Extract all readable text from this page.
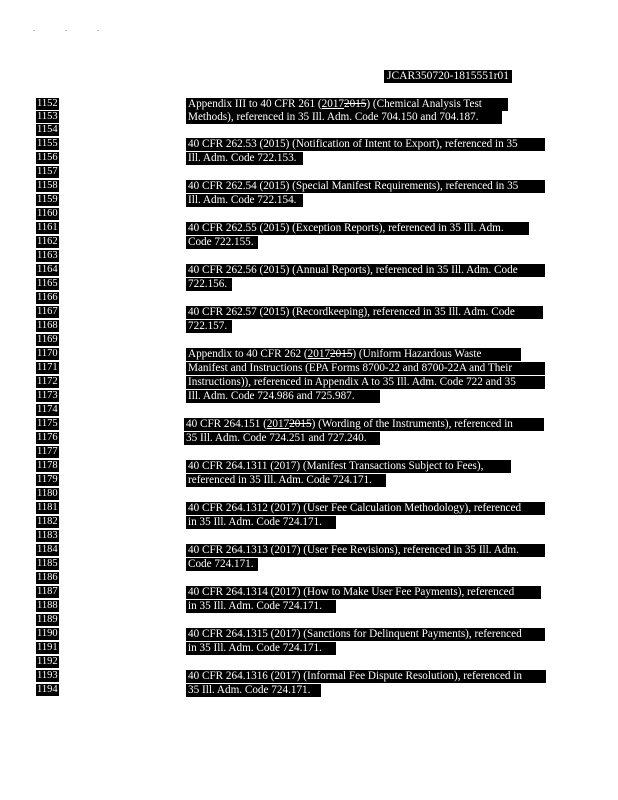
. . .
JCAR350720-1815551r01
1152
1153
1154
1155
1156
1157
1158
1159
1160
1161
1162
1163
1164
1165
1166
1167
1168
1169
1170
1171
1172
1173
1174
1175
1176
1177
1178
1179
1180
1181
1182
1183
1184
1185
1186
1187
1188
1189
1190
1191
1192
1193
1194
Appendix III to 40 CFR 261 (20172015) (Chemical Analysis Test
Methods), referenced in 35 Ill. Adm. Code 704.150 and 704.187.
40 CFR 262.53 (2015) (Notification of Intent to Export), referenced in 35
Ill. Adm. Code 722.153.
40 CFR 262.54 (2015) (Special Manifest Requirements), referenced in 35
Ill. Adm. Code 722.154.
40 CFR 262.55 (2015) (Exception Reports), referenced in 35 Ill. Adm.
Code 722.155.
40 CFR 262.56 (2015) (Annual Reports), referenced in 35 Ill. Adm. Code
722.156.
40 CFR 262.57 (2015) (Recordkeeping), referenced in 35 Ill. Adm. Code
722.157.
Appendix to 40 CFR 262 (20172015) (Uniform Hazardous Waste
Manifest and Instructions (EPA Forms 8700-22 and 8700-22A and Their
Instructions)), referenced in Appendix A to 35 Ill. Adm. Code 722 and 35
Ill. Adm. Code 724.986 and 725.987.
40 CFR 264.151 (20172015) (Wording of the Instruments), referenced in
35 Ill. Adm. Code 724.251 and 727.240.
40 CFR 264.1311 (2017) (Manifest Transactions Subject to Fees),
referenced in 35 Ill. Adm. Code 724.171.
40 CFR 264.1312 (2017) (User Fee Calculation Methodology), referenced
in 35 Ill. Adm. Code 724.171.
40 CFR 264.1313 (2017) (User Fee Revisions), referenced in 35 Ill. Adm.
Code 724.171.
40 CFR 264.1314 (2017) (How to Make User Fee Payments), referenced
in 35 Ill. Adm. Code 724.171.
40 CFR 264.1315 (2017) (Sanctions for Delinquent Payments), referenced
in 35 Ill. Adm. Code 724.171.
40 CFR 264.1316 (2017) (Informal Fee Dispute Resolution), referenced in
35 Ill. Adm. Code 724.171.
